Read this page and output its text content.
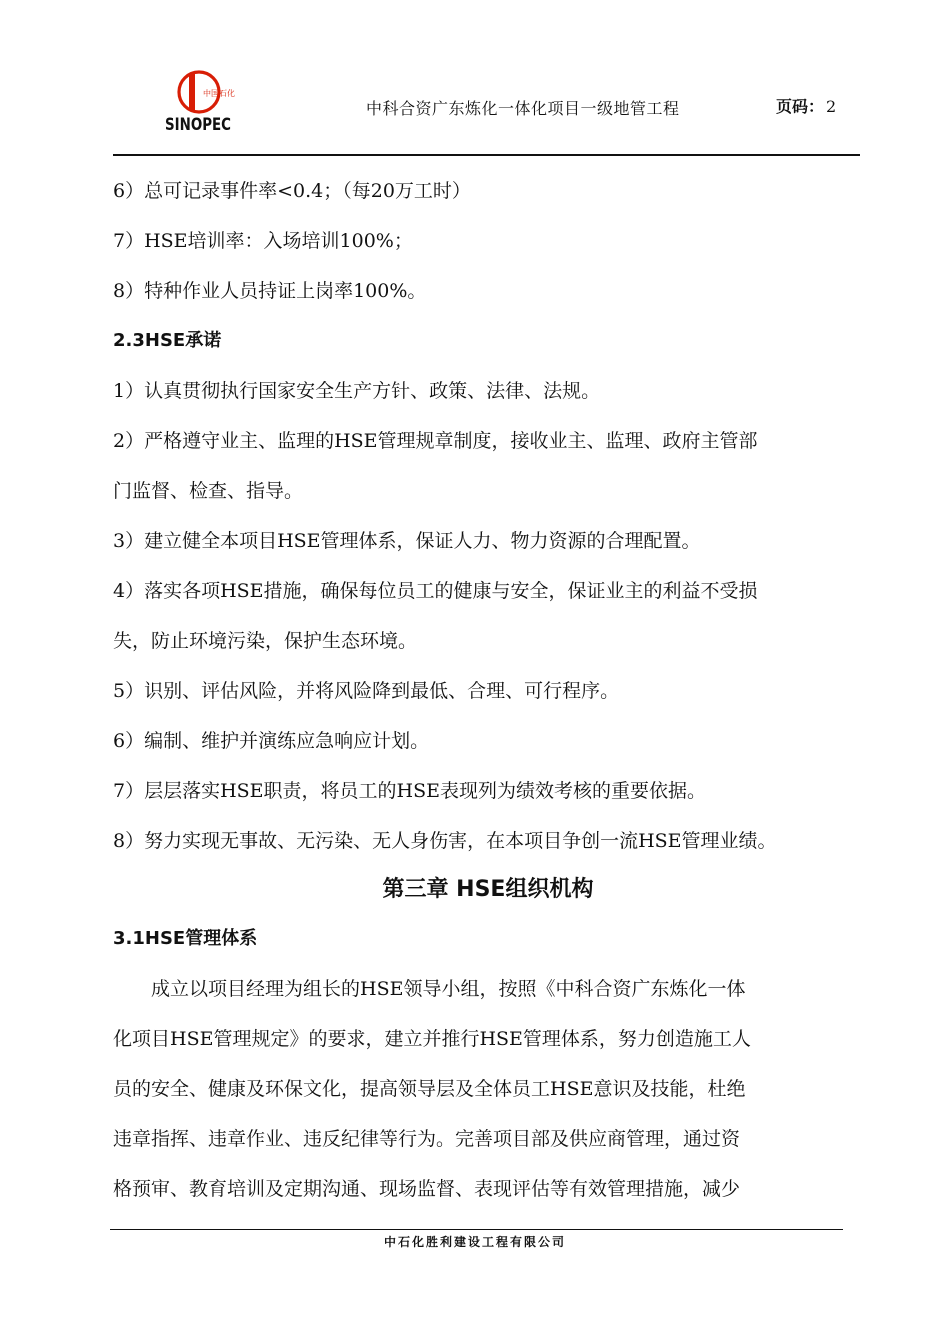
中国石化
SINOPEC
中科合资广东炼化一体化项目一级地管工程	页码： 2
6）总可记录事件率<0.4；（每20万工时）
7）HSE培训率：入场培训100%；
8）特种作业人员持证上岗率100%。
2.3HSE承诺
1）认真贯彻执行国家安全生产方针、政策、法律、法规。
2）严格遵守业主、监理的HSE管理规章制度，接收业主、监理、政府主管部
门监督、检查、指导。
3）建立健全本项目HSE管理体系，保证人力、物力资源的合理配置。
4）落实各项HSE措施，确保每位员工的健康与安全，保证业主的利益不受损
失，防止环境污染，保护生态环境。
5）识别、评估风险，并将风险降到最低、合理、可行程序。
6）编制、维护并演练应急响应计划。
7）层层落实HSE职责，将员工的HSE表现列为绩效考核的重要依据。
8）努力实现无事故、无污染、无人身伤害，在本项目争创一流HSE管理业绩。
第三章 HSE组织机构
3.1HSE管理体系
成立以项目经理为组长的HSE领导小组，按照《中科合资广东炼化一体
化项目HSE管理规定》的要求，建立并推行HSE管理体系，努力创造施工人
员的安全、健康及环保文化，提高领导层及全体员工HSE意识及技能，杜绝
违章指挥、违章作业、违反纪律等行为。完善项目部及供应商管理，通过资
格预审、教育培训及定期沟通、现场监督、表现评估等有效管理措施，减少
中石化胜利建设工程有限公司
